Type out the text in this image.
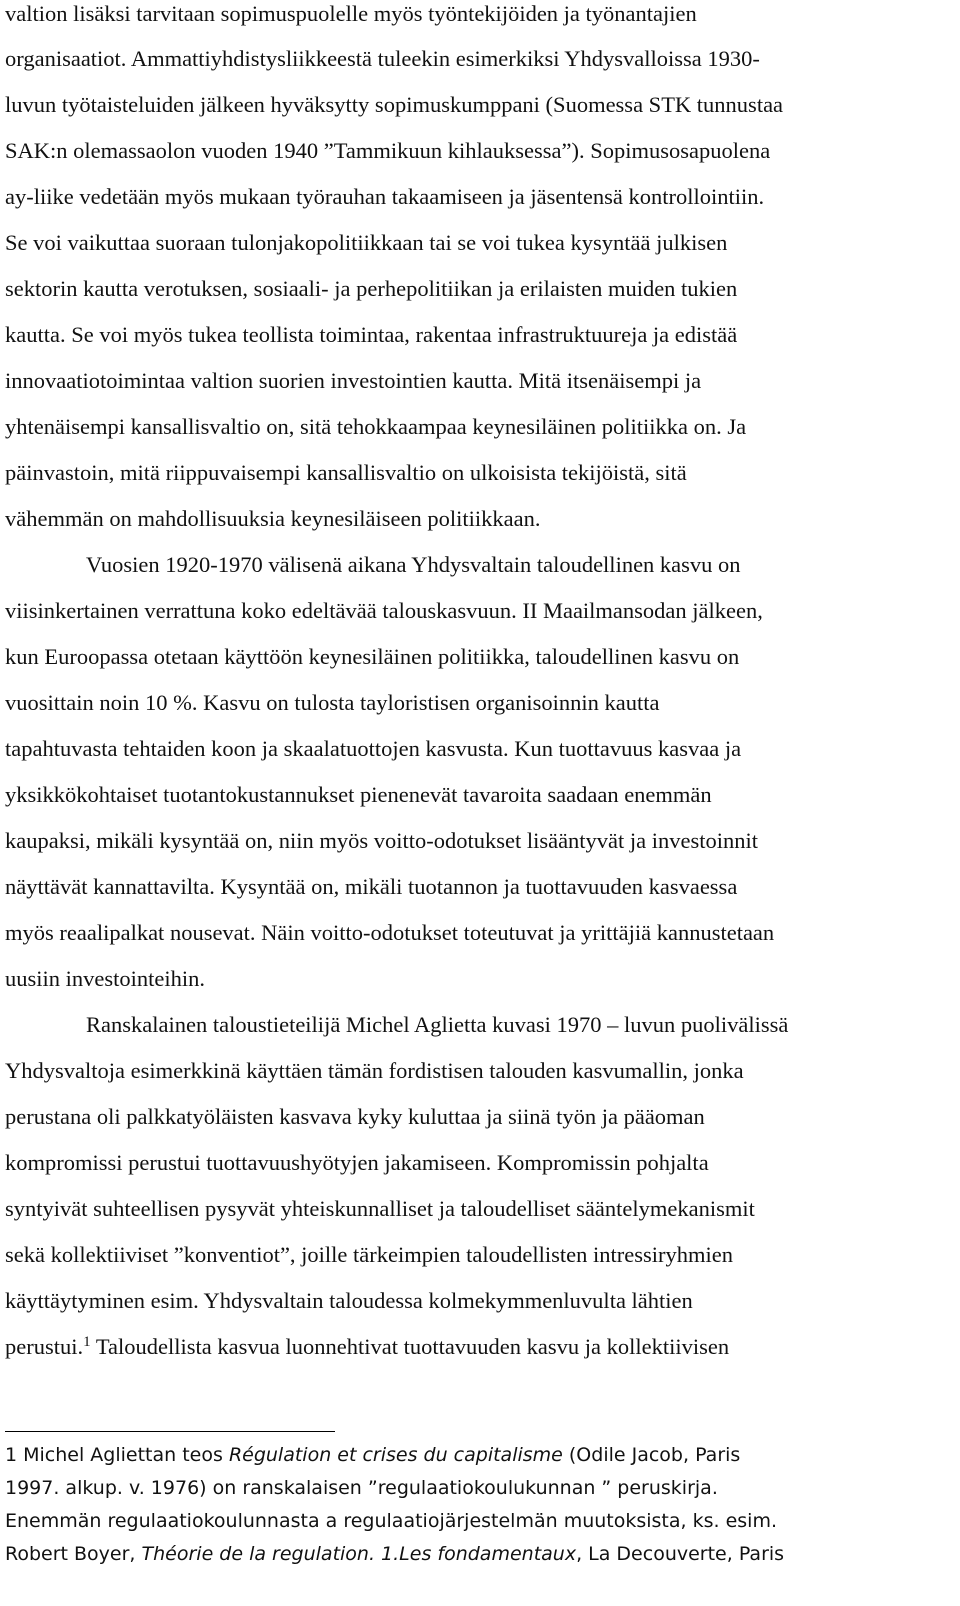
valtion lisäksi tarvitaan sopimuspuolelle myös työntekijöiden ja työnantajien
organisaatiot. Ammattiyhdistysliikkeestä tuleekin esimerkiksi Yhdysvalloissa 1930-
luvun työtaisteluiden jälkeen hyväksytty sopimuskumppani (Suomessa STK tunnustaa
SAK:n olemassaolon vuoden 1940 ”Tammikuun kihlauksessa”). Sopimusosapuolena
ay-liike vedetään myös mukaan työrauhan takaamiseen ja jäsentensä kontrollointiin.
Se voi vaikuttaa suoraan tulonjakopolitiikkaan tai se voi tukea kysyntää julkisen
sektorin kautta verotuksen, sosiaali- ja perhepolitiikan ja erilaisten muiden tukien
kautta. Se voi myös tukea teollista toimintaa, rakentaa infrastruktuureja ja edistää
innovaatiotoimintaa valtion suorien investointien kautta. Mitä itsenäisempi ja
yhtenäisempi kansallisvaltio on, sitä tehokkaampaa keynesiläinen politiikka on. Ja
päinvastoin, mitä riippuvaisempi kansallisvaltio on ulkoisista tekijöistä, sitä
vähemmän on mahdollisuuksia keynesiläiseen politiikkaan.
Vuosien 1920-1970 välisenä aikana Yhdysvaltain taloudellinen kasvu on
viisinkertainen verrattuna koko edeltävää talouskasvuun. II Maailmansodan jälkeen,
kun Euroopassa otetaan käyttöön keynesiläinen politiikka, taloudellinen kasvu on
vuosittain noin 10 %. Kasvu on tulosta tayloristisen organisoinnin kautta
tapahtuvasta tehtaiden koon ja skaalatuottojen kasvusta. Kun tuottavuus kasvaa ja
yksikkökohtaiset tuotantokustannukset pienenevät tavaroita saadaan enemmän
kaupaksi, mikäli kysyntää on, niin myös voitto-odotukset lisääntyvät ja investoinnit
näyttävät kannattavilta. Kysyntää on, mikäli tuotannon ja tuottavuuden kasvaessa
myös reaalipalkat nousevat. Näin voitto-odotukset toteutuvat ja yrittäjiä kannustetaan
uusiin investointeihin.
Ranskalainen taloustieteilijä Michel Aglietta kuvasi 1970 – luvun puolivälissä
Yhdysvaltoja esimerkkinä käyttäen tämän fordistisen talouden kasvumallin, jonka
perustana oli palkkatyöläisten kasvava kyky kuluttaa ja siinä työn ja pääoman
kompromissi perustui tuottavuushyötyjen jakamiseen. Kompromissin pohjalta
syntyivät suhteellisen pysyvät yhteiskunnalliset ja taloudelliset sääntelymekanismit
sekä kollektiiviset ”konventiot”, joille tärkeimpien taloudellisten intressiryhmien
käyttäytyminen esim. Yhdysvaltain taloudessa kolmekymmenluvulta lähtien
perustui.$^1$ Taloudellista kasvua luonnehtivat tuottavuuden kasvu ja kollektiivisen
1 Michel Agliettan teos Régulation et crises du capitalisme (Odile Jacob, Paris
1997. alkup. v. 1976) on ranskalaisen ”regulaatiokoulukunnan ” peruskirja.
Enemmän regulaatiokoulunnasta a regulaatiojärjestelmän muutoksista, ks. esim.
Robert Boyer, Théorie de la regulation. 1.Les fondamentaux, La Decouverte, Paris
